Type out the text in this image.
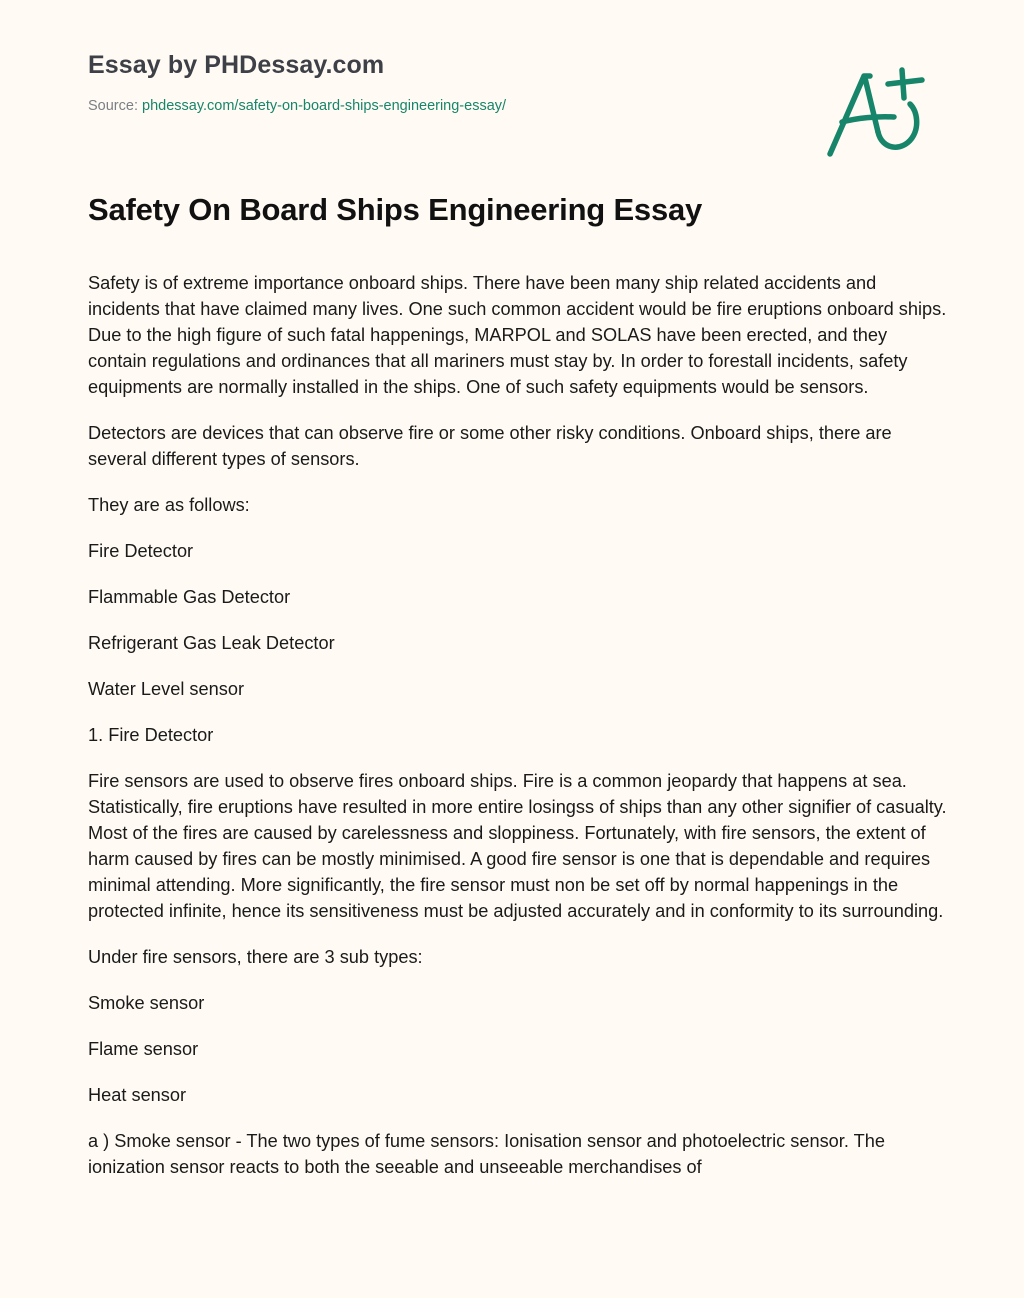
Essay by PHDessay.com
Source: phdessay.com/safety-on-board-ships-engineering-essay/
Safety On Board Ships Engineering Essay

Safety is of extreme importance onboard ships. There have been many ship related accidents and incidents that have claimed many lives. One such common accident would be fire eruptions onboard ships. Due to the high figure of such fatal happenings, MARPOL and SOLAS have been erected, and they contain regulations and ordinances that all mariners must stay by. In order to forestall incidents, safety equipments are normally installed in the ships. One of such safety equipments would be sensors.

Detectors are devices that can observe fire or some other risky conditions. Onboard ships, there are several different types of sensors.

They are as follows:

Fire Detector

Flammable Gas Detector

Refrigerant Gas Leak Detector

Water Level sensor

1. Fire Detector

Fire sensors are used to observe fires onboard ships. Fire is a common jeopardy that happens at sea. Statistically, fire eruptions have resulted in more entire losingss of ships than any other signifier of casualty. Most of the fires are caused by carelessness and sloppiness. Fortunately, with fire sensors, the extent of harm caused by fires can be mostly minimised. A good fire sensor is one that is dependable and requires minimal attending. More significantly, the fire sensor must non be set off by normal happenings in the protected infinite, hence its sensitiveness must be adjusted accurately and in conformity to its surrounding.

Under fire sensors, there are 3 sub types:

Smoke sensor

Flame sensor

Heat sensor

a ) Smoke sensor - The two types of fume sensors: Ionisation sensor and photoelectric sensor. The ionization sensor reacts to both the seeable and unseeable merchandises of
